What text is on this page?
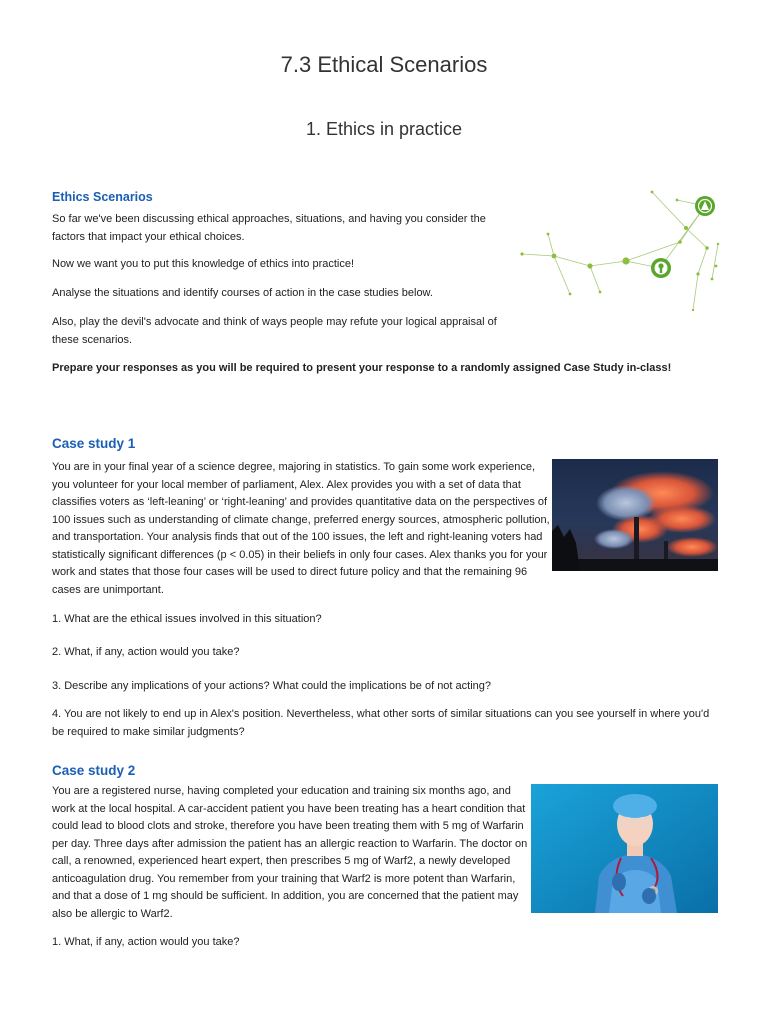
7.3 Ethical Scenarios
1. Ethics in practice
Ethics Scenarios

So far we've been discussing ethical approaches, situations, and having you consider the factors that impact your ethical choices.

Now we want you to put this knowledge of ethics into practice!

Analyse the situations and identify courses of action in the case studies below.

Also, play the devil's advocate and think of ways people may refute your logical appraisal of these scenarios.

Prepare your responses as you will be required to present your response to a randomly assigned Case Study in-class!

Case study 1

You are in your final year of a science degree, majoring in statistics. To gain some work experience, you volunteer for your local member of parliament, Alex. Alex provides you with a set of data that classifies voters as ‘left-leaning’ or ‘right-leaning’ and provides quantitative data on the perspectives of 100 issues such as understanding of climate change, preferred energy sources, atmospheric pollution, and transportation. Your analysis finds that out of the 100 issues, the left and right-leaning voters had statistically significant differences (p < 0.05) in their beliefs in only four cases. Alex thanks you for your work and states that those four cases will be used to direct future policy and that the remaining 96 cases are unimportant.

1. What are the ethical issues involved in this situation?

2. What, if any, action would you take?

3. Describe any implications of your actions? What could the implications be of not acting?

4. You are not likely to end up in Alex's position. Nevertheless, what other sorts of similar situations can you see yourself in where you'd be required to make similar judgments?

Case study 2

You are a registered nurse, having completed your education and training six months ago, and work at the local hospital. A car-accident patient you have been treating has a heart condition that could lead to blood clots and stroke, therefore you have been treating them with 5 mg of Warfarin per day. Three days after admission the patient has an allergic reaction to Warfarin. The doctor on call, a renowned, experienced heart expert, then prescribes 5 mg of Warf2, a newly developed anticoagulation drug. You remember from your training that Warf2 is more potent than Warfarin, and that a dose of 1 mg should be sufficient. In addition, you are concerned that the patient may also be allergic to Warf2.

1. What, if any, action would you take?
